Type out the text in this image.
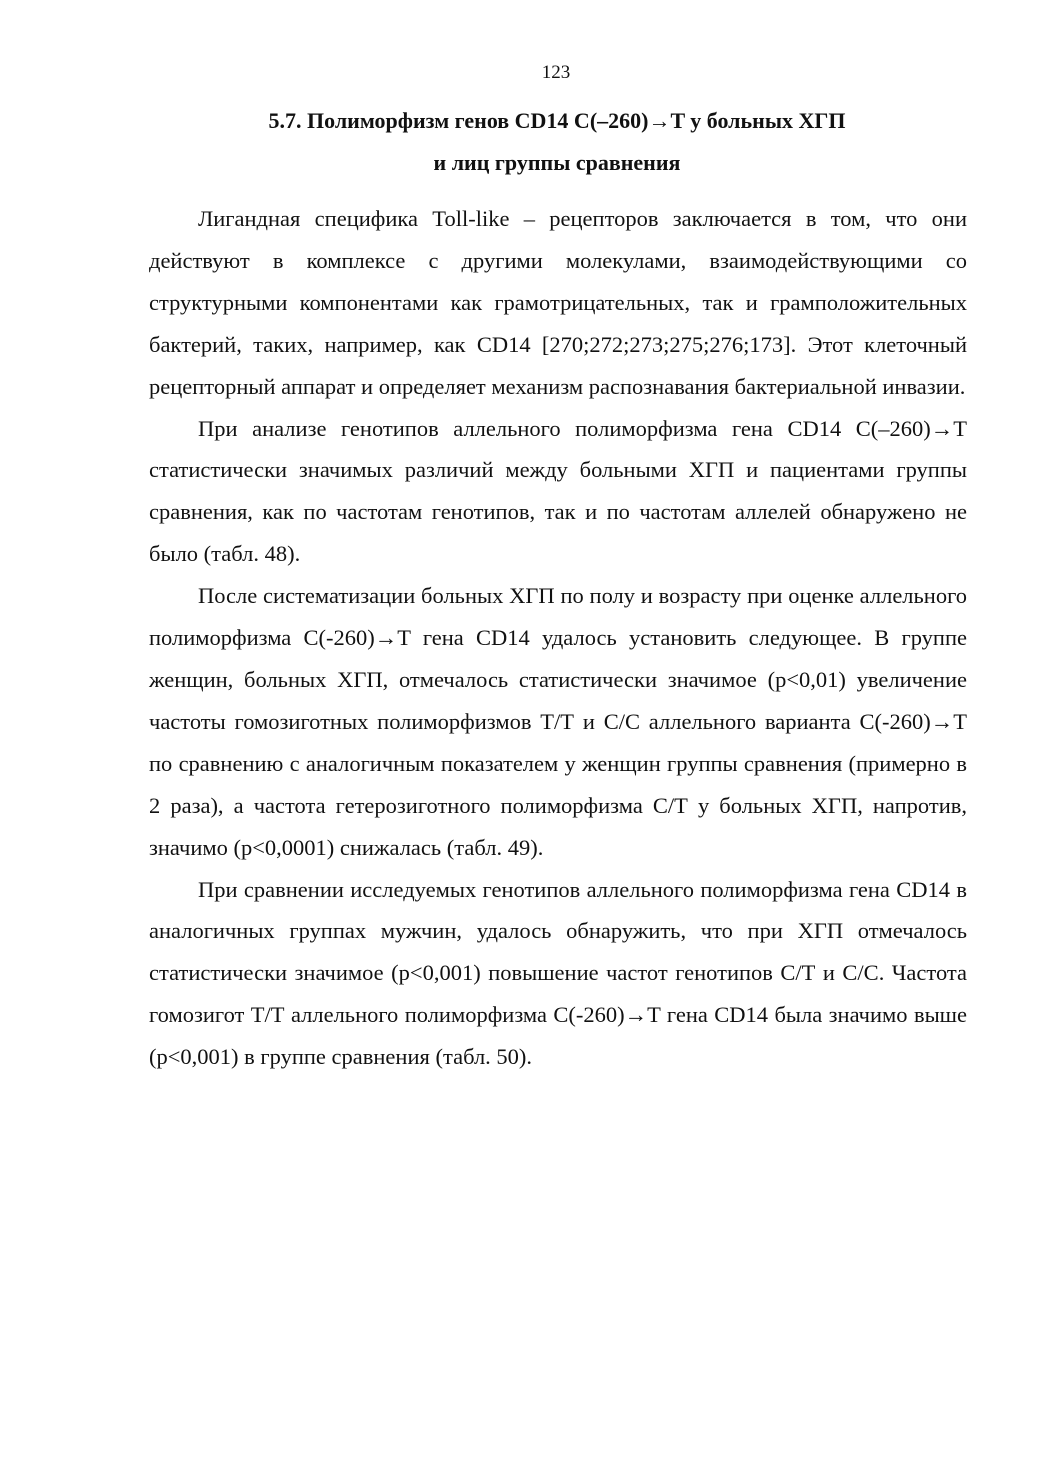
123
5.7. Полиморфизм генов CD14 C(–260)→T у больных ХГП
и лиц группы сравнения

Лигандная специфика Toll-like – рецепторов заключается в том, что они действуют в комплексе с другими молекулами, взаимодействующими со структурными компонентами как грамотрицательных, так и грамположительных бактерий, таких, например, как CD14 [270;272;273;275;276;173]. Этот клеточный рецепторный аппарат и определяет механизм распознавания бактериальной инвазии.

При анализе генотипов аллельного полиморфизма гена CD14 C(–260)→T статистически значимых различий между больными ХГП и пациентами группы сравнения, как по частотам генотипов, так и по частотам аллелей обнаружено не было (табл. 48).

После систематизации больных ХГП по полу и возрасту при оценке аллельного полиморфизма C(-260)→T гена CD14 удалось установить следующее. В группе женщин, больных ХГП, отмечалось статистически значимое (р<0,01) увеличение частоты гомозиготных полиморфизмов Т/Т и С/С аллельного варианта C(-260)→T по сравнению с аналогичным показателем у женщин группы сравнения (примерно в 2 раза), а частота гетерозиготного полиморфизма С/Т у больных ХГП, напротив, значимо (р<0,0001) снижалась (табл. 49).

При сравнении исследуемых генотипов аллельного полиморфизма гена CD14 в аналогичных группах мужчин, удалось обнаружить, что при ХГП отмечалось статистически значимое (р<0,001) повышение частот генотипов С/Т и С/С. Частота гомозигот Т/Т аллельного полиморфизма C(-260)→T гена CD14 была значимо выше (р<0,001) в группе сравнения (табл. 50).
